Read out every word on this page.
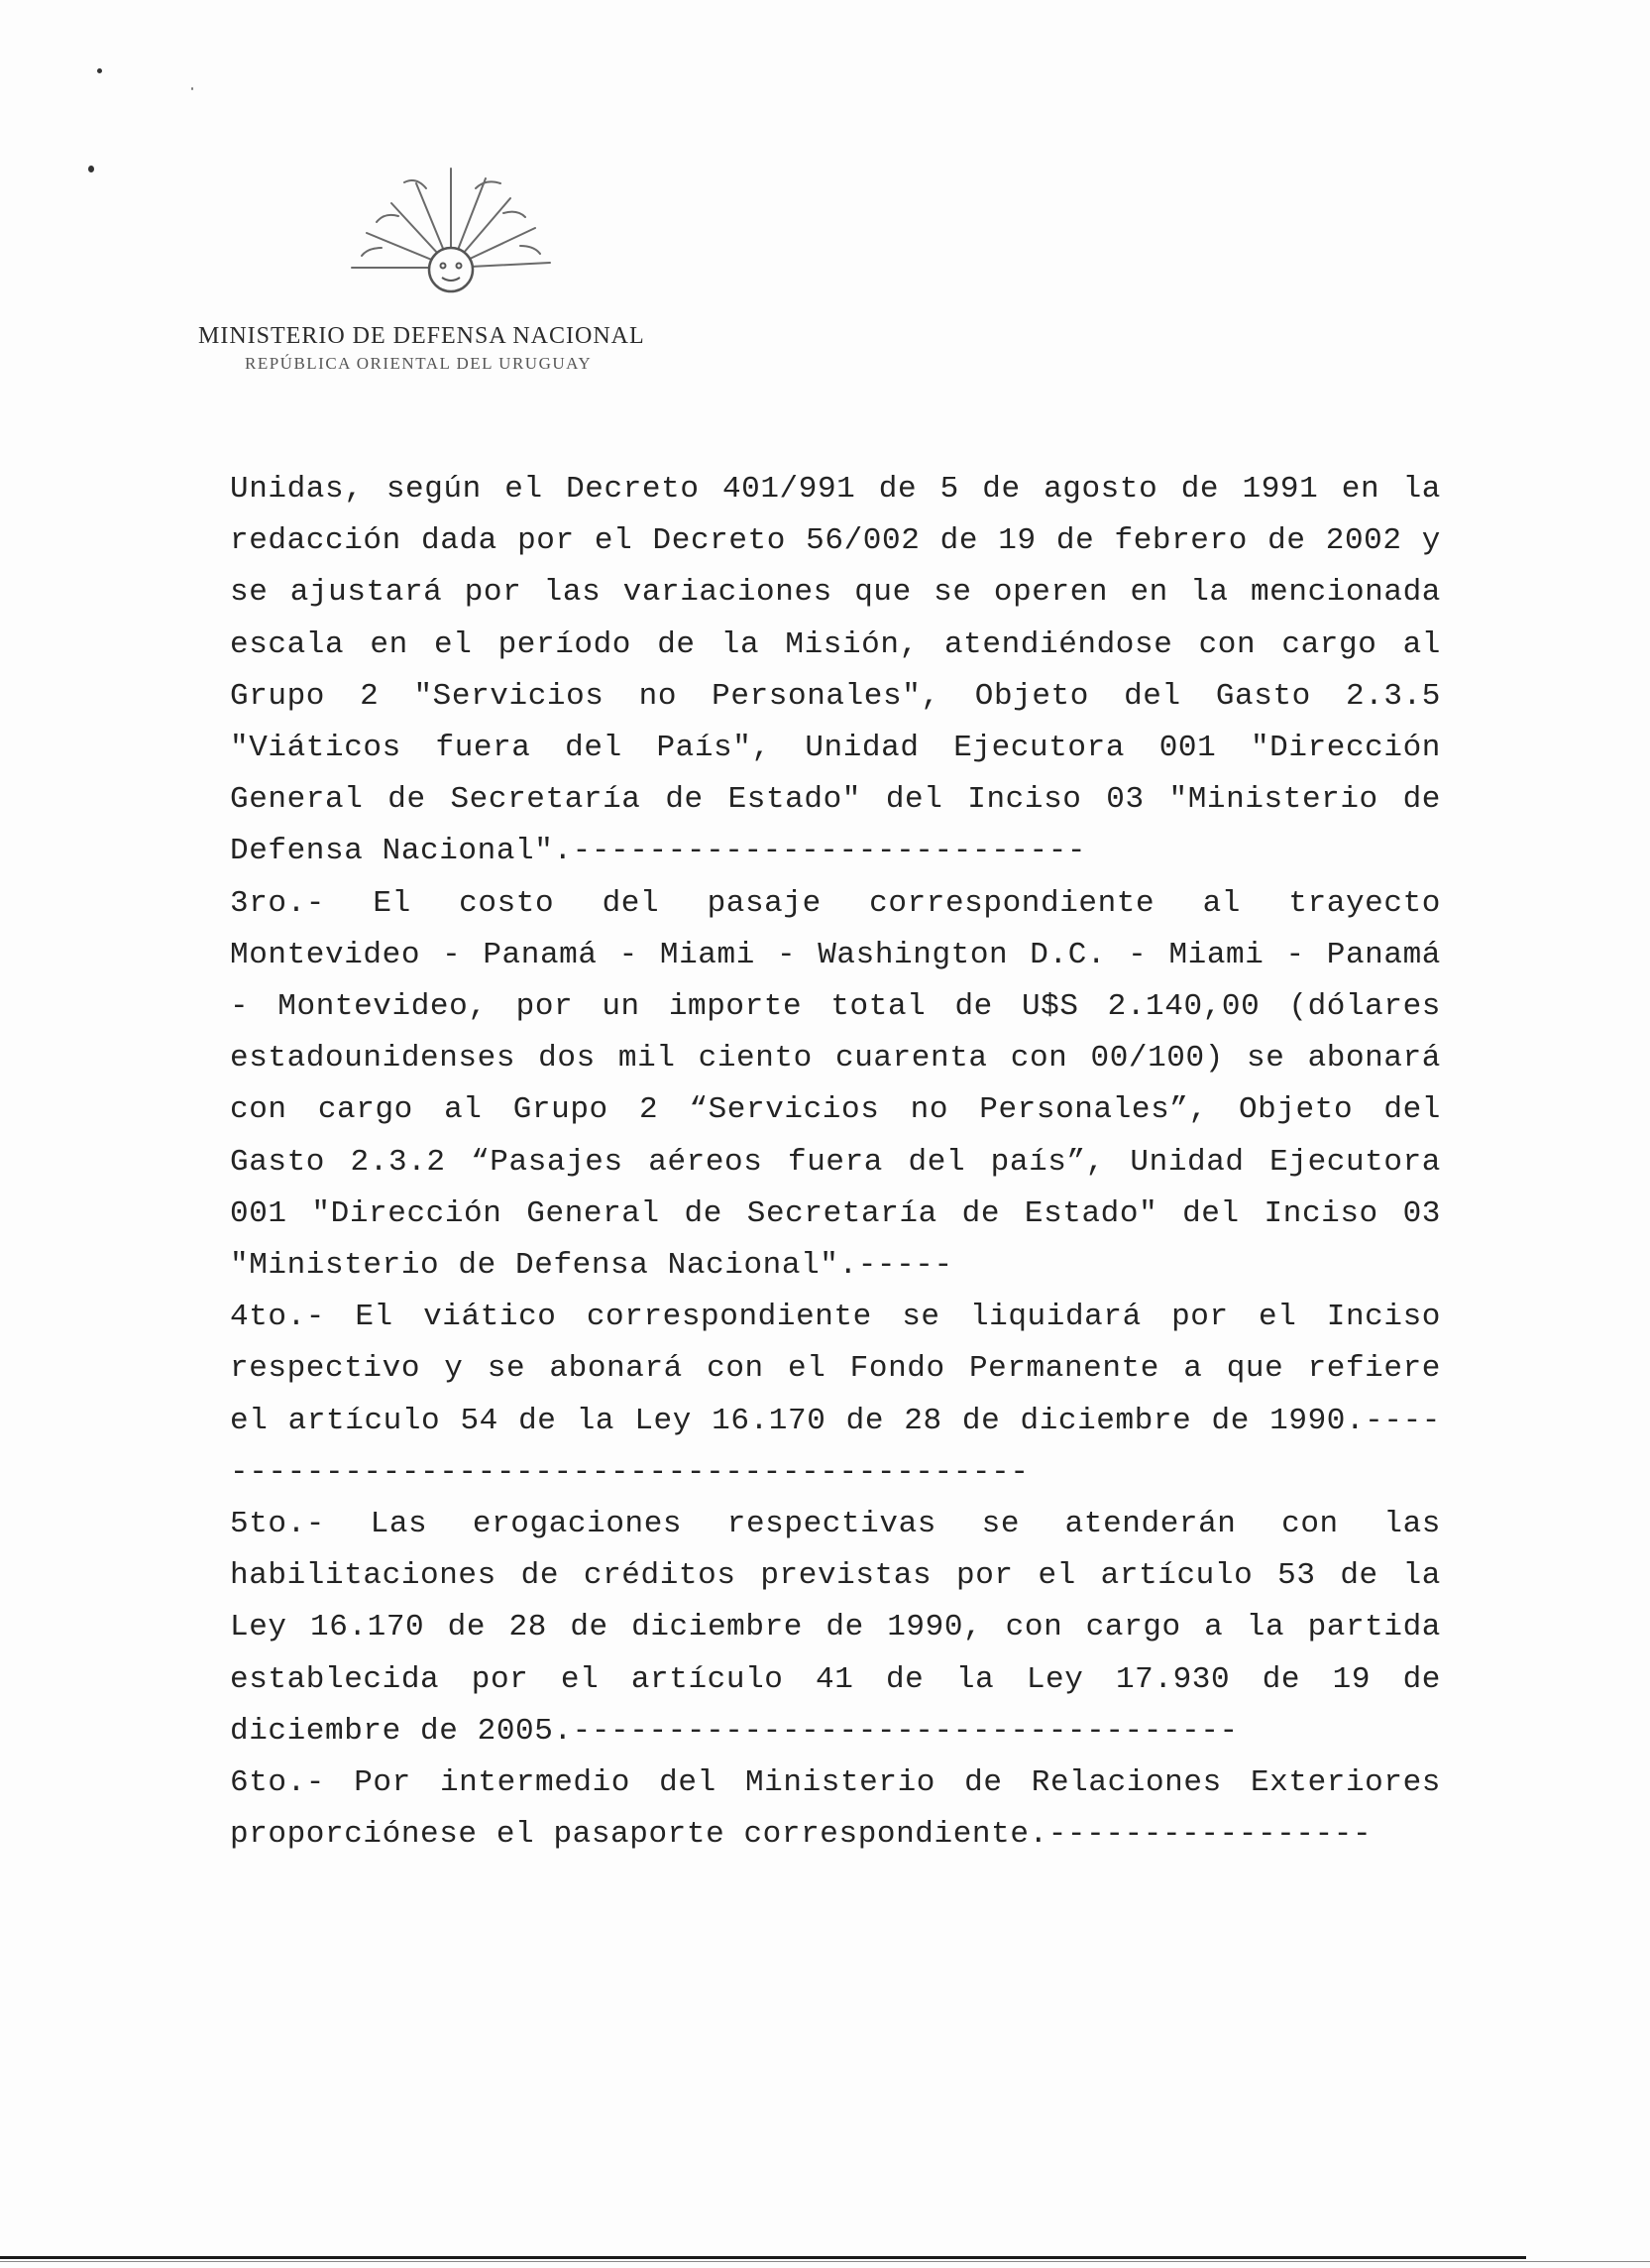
MINISTERIO DE DEFENSA NACIONAL
REPÚBLICA ORIENTAL DEL URUGUAY

Unidas, según el Decreto 401/991 de 5 de agosto de 1991 en la redacción dada por el Decreto 56/002 de 19 de febrero de 2002 y se ajustará por las variaciones que se operen en la mencionada escala en el período de la Misión, atendiéndose con cargo al Grupo 2 "Servicios no Personales", Objeto del Gasto 2.3.5 "Viáticos fuera del País", Unidad Ejecutora 001 "Dirección General de Secretaría de Estado" del Inciso 03 "Ministerio de Defensa Nacional".---------------------------

3ro.- El costo del pasaje correspondiente al trayecto Montevideo - Panamá - Miami - Washington D.C. - Miami - Panamá - Montevideo, por un importe total de U$S 2.140,00 (dólares estadounidenses dos mil ciento cuarenta con 00/100) se abonará con cargo al Grupo 2 “Servicios no Personales”, Objeto del Gasto 2.3.2 “Pasajes aéreos fuera del país”, Unidad Ejecutora 001 "Dirección General de Secretaría de Estado" del Inciso 03 "Ministerio de Defensa Nacional".-----

4to.- El viático correspondiente se liquidará por el Inciso respectivo y se abonará con el Fondo Permanente a que refiere el artículo 54 de la Ley 16.170 de 28 de diciembre de 1990.----------------------------------------------

5to.- Las erogaciones respectivas se atenderán con las habilitaciones de créditos previstas por el artículo 53 de la Ley 16.170 de 28 de diciembre de 1990, con cargo a la partida establecida por el artículo 41 de la Ley 17.930 de 19 de diciembre de 2005.-----------------------------------

6to.- Por intermedio del Ministerio de Relaciones Exteriores proporciónese el pasaporte correspondiente.-----------------
